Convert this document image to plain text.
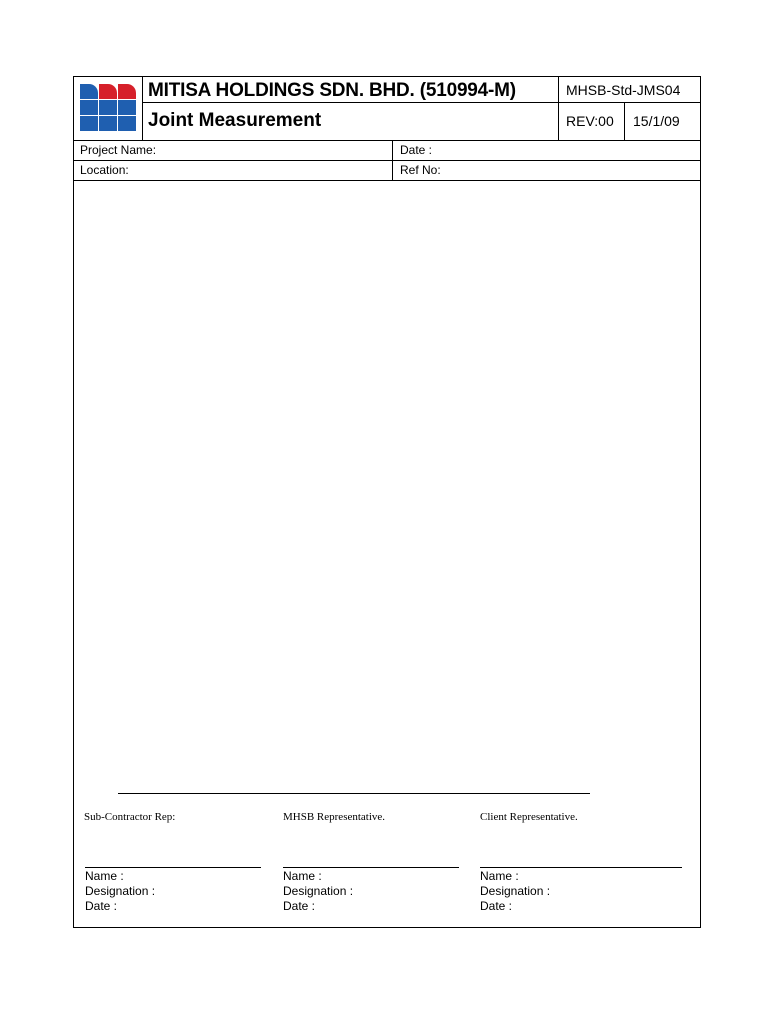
MITISA HOLDINGS SDN. BHD. (510994-M)
Joint Measurement
MHSB-Std-JMS04
REV:00 15/1/09
Project Name:	Date :
Location:	Ref No:
Sub-Contractor Rep:
Name :
Designation :
Date :
MHSB Representative.
Name :
Designation :
Date :
Client Representative.
Name :
Designation :
Date :
